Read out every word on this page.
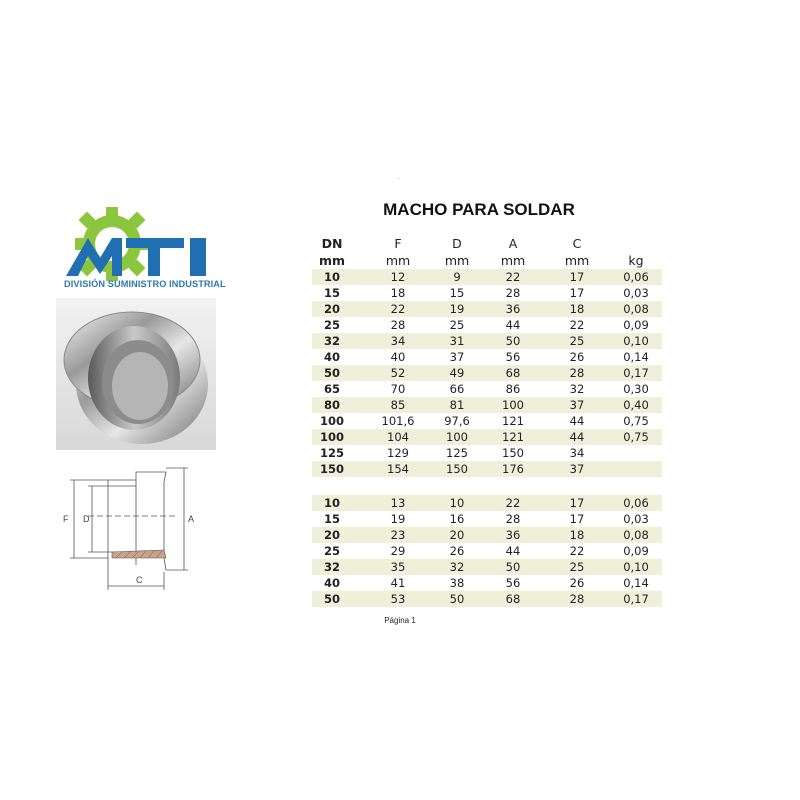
·
DIVISIÓN SUMINISTRO INDUSTRIAL
F D	A
C
MACHO PARA SOLDAR
DN	F	D	A	C
mm	mm	mm	mm	mm	kg
10	12	9	22	17	0,06
15	18	15	28	17	0,03
20	22	19	36	18	0,08
25	28	25	44	22	0,09
32	34	31	50	25	0,10
40	40	37	56	26	0,14
50	52	49	68	28	0,17
65	70	66	86	32	0,30
80	85	81	100	37	0,40
100	101,6	97,6	121	44	0,75
100	104	100	121	44	0,75
125	129	125	150	34
150	154	150	176	37
10	13	10	22	17	0,06
15	19	16	28	17	0,03
20	23	20	36	18	0,08
25	29	26	44	22	0,09
32	35	32	50	25	0,10
40	41	38	56	26	0,14
50	53	50	68	28	0,17
Página 1
